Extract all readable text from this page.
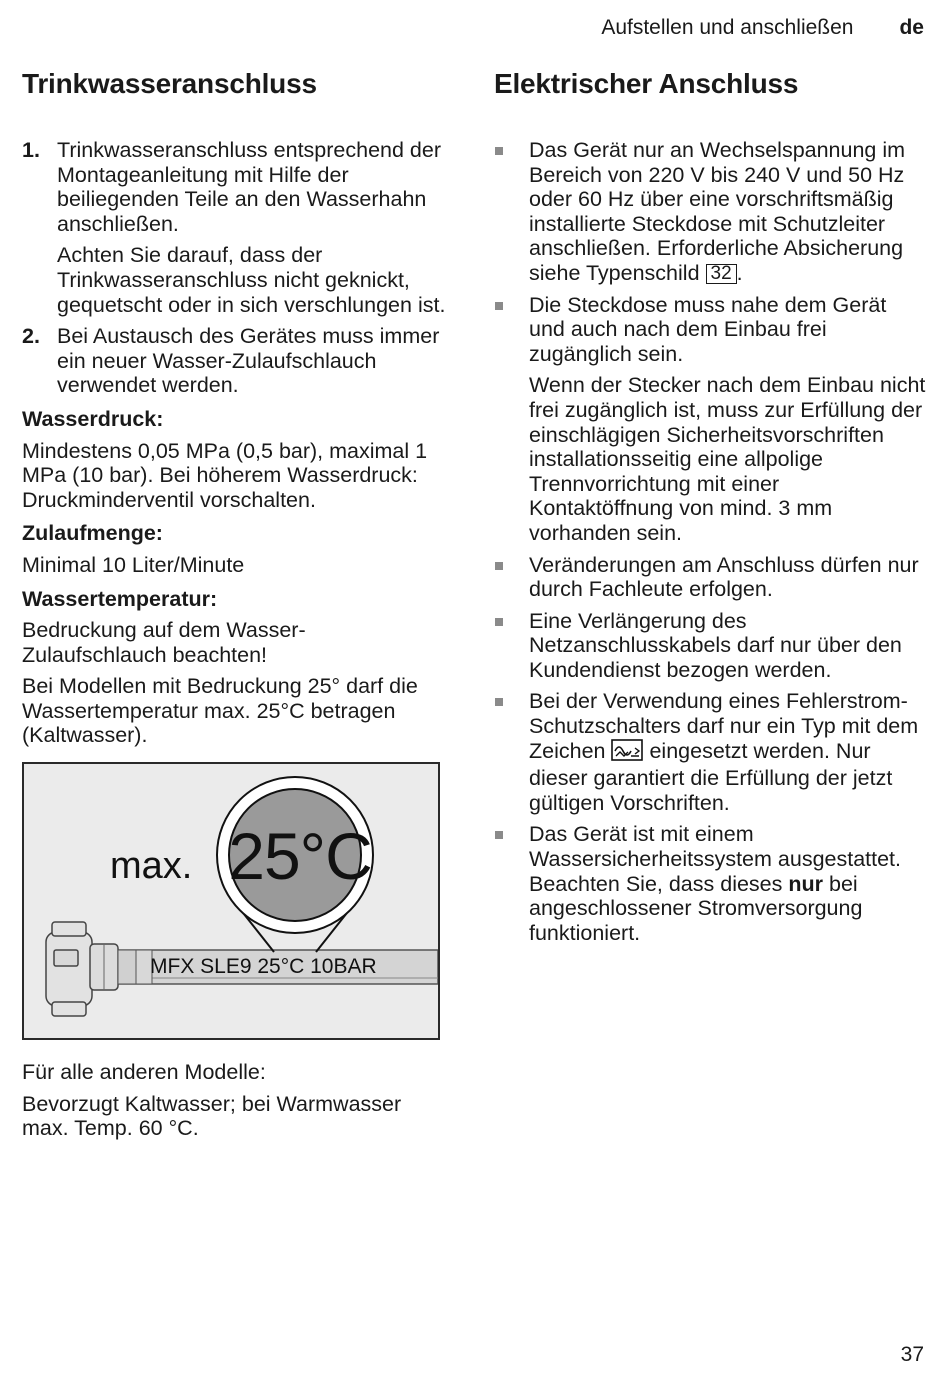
Aufstellen und anschließen de
Trinkwasseranschluss
1. Trinkwasseranschluss entsprechend der Montageanleitung mit Hilfe der beiliegenden Teile an den Wasserhahn anschließen.
Achten Sie darauf, dass der Trinkwasseranschluss nicht geknickt, gequetscht oder in sich verschlungen ist.
2. Bei Austausch des Gerätes muss immer ein neuer Wasser-Zulaufschlauch verwendet werden.
Wasserdruck:

Mindestens 0,05 MPa (0,5 bar), maximal 1 MPa (10 bar). Bei höherem Wasserdruck: Druckminderventil vorschalten.

Zulaufmenge:

Minimal 10 Liter/Minute

Wassertemperatur:

Bedruckung auf dem Wasser-Zulaufschlauch beachten!

Bei Modellen mit Bedruckung 25° darf die Wassertemperatur max. 25°C betragen (Kaltwasser).

max. 25°C
MFX SLE9 25°C 10BAR

Für alle anderen Modelle:

Bevorzugt Kaltwasser; bei Warmwasser max. Temp. 60 °C.

Elektrischer Anschluss
Das Gerät nur an Wechselspannung im Bereich von 220 V bis 240 V und 50 Hz oder 60 Hz über eine vorschriftsmäßig installierte Steckdose mit Schutzleiter anschließen. Erforderliche Absicherung siehe Typenschild 32 .
Die Steckdose muss nahe dem Gerät und auch nach dem Einbau frei zugänglich sein.
Wenn der Stecker nach dem Einbau nicht frei zugänglich ist, muss zur Erfüllung der einschlägigen Sicherheitsvorschriften installationsseitig eine allpolige Trennvorrichtung mit einer Kontaktöffnung von mind. 3 mm vorhanden sein.
Veränderungen am Anschluss dürfen nur durch Fachleute erfolgen.
Eine Verlängerung des Netzanschlusskabels darf nur über den Kundendienst bezogen werden.
Bei der Verwendung eines Fehlerstrom-Schutzschalters darf nur ein Typ mit dem Zeichen eingesetzt werden. Nur dieser garantiert die Erfüllung der jetzt gültigen Vorschriften.
Das Gerät ist mit einem Wassersicherheitssystem ausgestattet. Beachten Sie, dass dieses nur bei angeschlossener Stromversorgung funktioniert.
37
